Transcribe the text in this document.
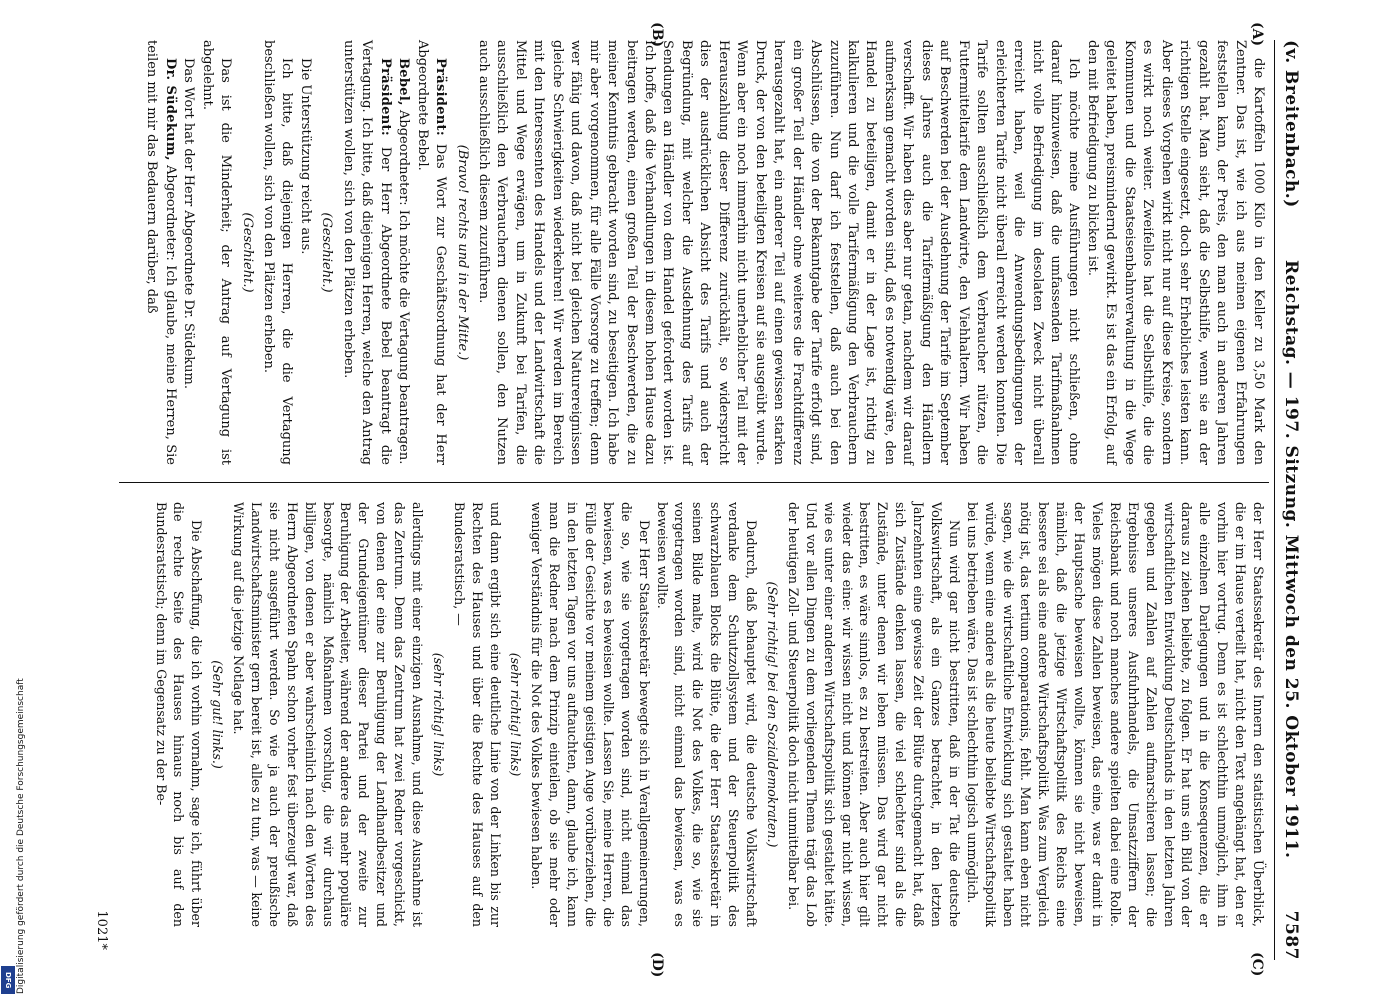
(v. Breitenbach.)
Reichstag. — 197. Sitzung. Mittwoch den 25. Oktober 1911.
7587
(A)
(B)
(C)
(D)

die Kartoffeln 1000 Kilo in den Keller zu 3,50 Mark den Zentner. Das ist, wie ich aus meinen eigenen Erfahrungen feststellen kann, der Preis, den man auch in anderen Jahren gezahlt hat. Man sieht, daß die Selbsthilfe, wenn sie an der richtigen Stelle eingesetzt, doch sehr Erhebliches leisten kann. Aber dieses Vorgehen wirkt nicht nur auf diese Kreise, sondern es wirkt noch weiter. Zweifellos hat die Selbsthilfe, die die Kommunen und die Staatseisenbahnverwaltung in die Wege geleitet haben, preismindernd gewirkt. Es ist das ein Erfolg, auf den mit Befriedigung zu blicken ist.

Ich möchte meine Ausführungen nicht schließen, ohne darauf hinzuweisen, daß die umfassenden Tarifmaßnahmen nicht volle Befriedigung im desolaten Zweck nicht überall erreicht haben, weil die Anwendungsbedingungen der erleichterten Tarife nicht überall erreicht werden konnten. Die Tarife sollten ausschließlich dem Verbraucher nützen, die Futtermitteltarife dem Landwirte, den Viehhaltern. Wir haben auf Beschwerden bei der Ausdehnung der Tarife im September dieses Jahres auch die Tarifermäßigung den Händlern verschafft. Wir haben dies aber nur getan, nachdem wir darauf aufmerksam gemacht worden sind, daß es notwendig wäre, den Handel zu beteiligen, damit er in der Lage ist, richtig zu kalkulieren und die volle Tarifermäßigung den Verbrauchern zuzuführen. Nun darf ich feststellen, daß auch bei den Abschlüssen, die von der Bekanntgabe der Tarife erfolgt sind, ein großer Teil der Händler ohne weiteres die Frachtdifferenz herausgezahlt hat, ein anderer Teil auf einen gewissen starken Druck, der von den beteiligten Kreisen auf sie ausgeübt wurde. Wenn aber ein noch immerhin nicht unerheblicher Teil mit der Herauszahlung dieser Differenz zurückhält, so widerspricht dies der ausdrücklichen Absicht des Tarifs und auch der Begründung, mit welcher die Ausdehnung des Tarifs auf Sendungen an Händler von dem Handel gefordert worden ist. Ich hoffe, daß die Verhandlungen in diesem hohen Hause dazu beitragen werden, einen großen Teil der Beschwerden, die zu meiner Kenntnis gebracht worden sind, zu beseitigen. Ich habe mir aber vorgenommen, für alle Fälle Vorsorge zu treffen; denn wer fähig und davon, daß nicht bei gleichen Naturereignissen gleiche Schwierigkeiten wiederkehren! Wir werden im Bereich mit den Interessenten des Handels und der Landwirtschaft die Mittel und Wege erwägen, um in Zukunft bei Tarifen, die ausschließlich den Verbrauchern dienen sollen, den Nutzen auch ausschließlich diesem zuzuführen.

(Bravo! rechts und in der Mitte.)

Präsident: Das Wort zur Geschäftsordnung hat der Herr Abgeordnete Bebel.

Bebel, Abgeordneter: Ich möchte die Vertagung beantragen.

Präsident: Der Herr Abgeordnete Bebel beantragt die Vertagung. Ich bitte, daß diejenigen Herren, welche den Antrag unterstützen wollen, sich von den Plätzen erheben.

(Geschieht.)

Die Unterstützung reicht aus.

Ich bitte, daß diejenigen Herren, die die Vertagung beschließen wollen, sich von den Plätzen erheben.

(Geschieht.)

Das ist die Minderheit; der Antrag auf Vertagung ist abgelehnt.

Das Wort hat der Herr Abgeordnete Dr. Südekum.

Dr. Südekum, Abgeordneter: Ich glaube, meine Herren, Sie teilen mit mir das Bedauern darüber, daß

der Herr Staatssekretär des Innern den statistischen Überblick, die er im Hause verteilt hat, nicht den Text angehängt hat, den er vorhin hier vortrug. Denn es ist schlechthin unmöglich, ihm in alle einzelnen Darlegungen und in die Konsequenzen, die er daraus zu ziehen beliebte, zu folgen. Er hat uns ein Bild von der wirtschaftlichen Entwicklung Deutschlands in den letzten Jahren gegeben und Zahlen auf Zahlen aufmarschieren lassen; die Ergebnisse unseres Ausfuhrhandels, die Umsatzziffern der Reichsbank und noch manches andere spielten dabei eine Rolle. Vieles mögen diese Zahlen beweisen, das eine, was er damit in der Hauptsache beweisen wollte, können sie nicht beweisen, nämlich, daß die jetzige Wirtschaftspolitik des Reichs eine bessere sei als eine andere Wirtschaftspolitik. Was zum Vergleich nötig ist, das tertium comparationis, fehlt. Man kann eben nicht sagen, wie die wirtschaftliche Entwicklung sich gestaltet haben würde, wenn eine andere als die heute beliebte Wirtschaftspolitik bei uns betrieben wäre. Das ist schlechthin logisch unmöglich.

Nun wird gar nicht bestritten, daß in der Tat die deutsche Volkswirtschaft, als ein Ganzes betrachtet, in den letzten Jahrzehnten eine gewisse Zeit der Blüte durchgemacht hat, daß sich Zustände denken lassen, die viel schlechter sind als die Zustände, unter denen wir leben müssen. Das wird gar nicht bestritten, es wäre sinnlos, es zu bestreiten. Aber auch hier gilt wieder das eine: wir wissen nicht und können gar nicht wissen, wie es unter einer anderen Wirtschaftspolitik sich gestaltet hätte. Und vor allen Dingen zu dem vorliegenden Thema trägt das Lob der heutigen Zoll- und Steuerpolitik doch nicht unmittelbar bei.

(Sehr richtig! bei den Sozialdemokraten.)

Dadurch, daß behauptet wird, die deutsche Volkswirtschaft verdanke dem Schutzzollsystem und der Steuerpolitik des schwarzblauen Blocks die Blüte, die der Herr Staatssekretär in seinen Bilde malte, wird die Not des Volkes, die so, wie sie vorgetragen worden sind, nicht einmal das bewiesen, was es beweisen wollte.

Der Herr Staatssekretär bewegte sich in Verallgemeinerungen, die so, wie sie vorgetragen worden sind, nicht einmal das bewiesen, was es beweisen wollte. Lassen Sie, meine Herren, die Fülle der Gesichte vor meinem geistigen Auge vorüberziehen, die in den letzten Tagen vor uns auftauchten, dann, glaube ich, kann man die Redner nach dem Prinzip einteilen, ob sie mehr oder weniger Verständnis für die Not des Volkes bewiesen haben.

(sehr richtig! links)

und dann ergibt sich eine deutliche Linie von der Linken bis zur Rechten des Hauses und über die Rechte des Hauses auf den Bundesratstisch, —

(sehr richtig! links)

allerdings mit einer einzigen Ausnahme, und diese Ausnahme ist das Zentrum. Denn das Zentrum hat zwei Redner vorgeschickt, von denen der eine zur Beruhigung der Landhandbesitzer und der Grundeigentümer dieser Partei und der zweite zur Beruhigung der Arbeiter, während der andere das mehr populäre besorgte, nämlich Maßnahmen vorschlug, die wir durchaus billigen, von denen er aber wahrscheinlich nach den Worten des Herrn Abgeordneten Spahn schon vorher fest überzeugt war, daß sie nicht ausgeführt werden. So wie ja auch der preußische Landwirtschaftsminister gern bereit ist, alles zu tun, was — keine Wirkung auf die jetzige Notlage hat.

(Sehr gut! links.)

Die Abschaffung, die ich vorhin vornahm, sage ich, führt über die rechte Seite des Hauses hinaus noch bis auf den Bundesratstisch; denn im Gegensatz zu der Be-

1021*
Digitalisierung gefördert durch die Deutsche Forschungsgemeinschaft
DFG
